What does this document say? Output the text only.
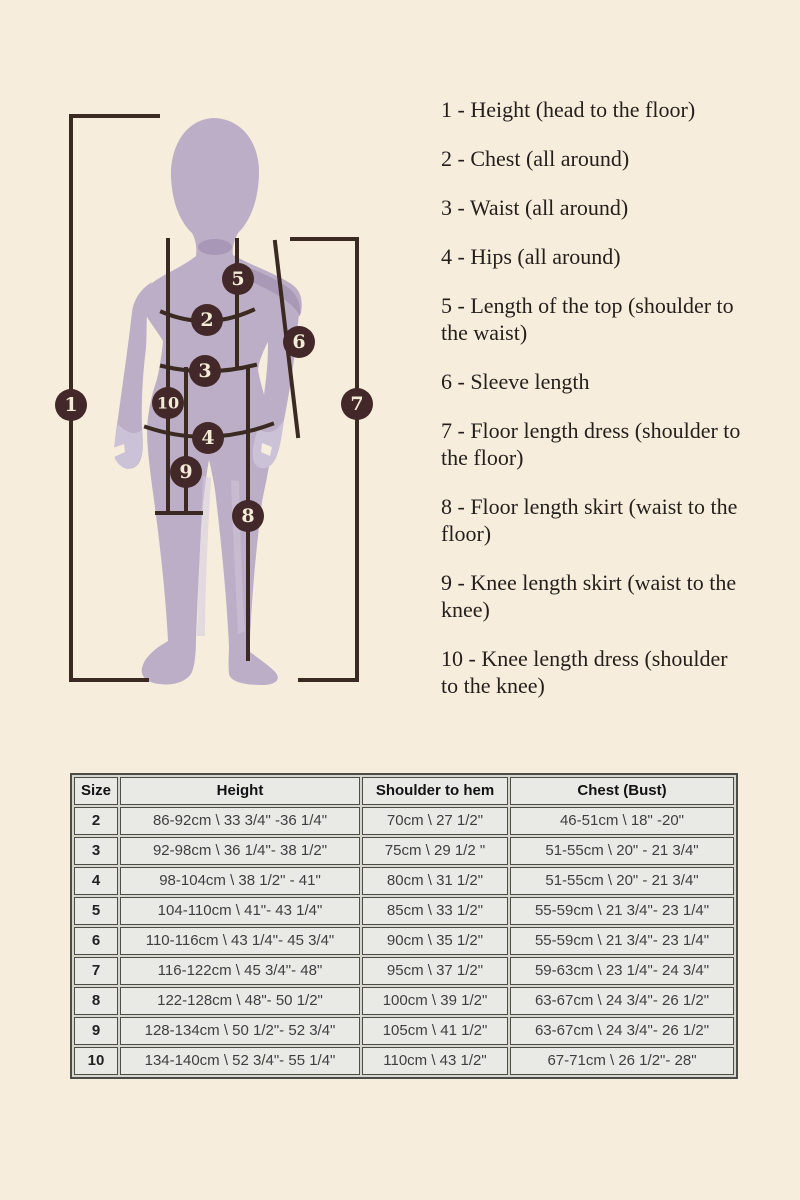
1
2
3
4
5
6
7
8
9
10

1 - Height (head to the floor)

2 - Chest (all around)

3 - Waist (all around)

4 - Hips (all around)

5 - Length of the top (shoulder to the waist)

6 - Sleeve length

7 - Floor length dress (shoulder to the floor)

8 - Floor length skirt (waist to the floor)

9 - Knee length skirt (waist to the knee)

10 - Knee length dress (shoulder to the knee)

Size	Height	Shoulder to hem	Chest (Bust)
2	86-92cm \ 33 3/4" -36 1/4"	70cm \ 27 1/2"	46-51cm \ 18" -20"
3	92-98cm \ 36 1/4"- 38 1/2"	75cm \ 29 1/2 "	51-55cm \ 20" - 21 3/4"
4	98-104cm \ 38 1/2" - 41"	80cm \ 31 1/2"	51-55cm \ 20" - 21 3/4"
5	104-110cm \ 41"- 43 1/4"	85cm \ 33 1/2"	55-59cm \ 21 3/4"- 23 1/4"
6	110-116cm \ 43 1/4"- 45 3/4"	90cm \ 35 1/2"	55-59cm \ 21 3/4"- 23 1/4"
7	116-122cm \ 45 3/4"- 48"	95cm \ 37 1/2"	59-63cm \ 23 1/4"- 24 3/4"
8	122-128cm \ 48"- 50 1/2"	100cm \ 39 1/2"	63-67cm \ 24 3/4"- 26 1/2"
9	128-134cm \ 50 1/2"- 52 3/4"	105cm \ 41 1/2"	63-67cm \ 24 3/4"- 26 1/2"
10	134-140cm \ 52 3/4"- 55 1/4"	110cm \ 43 1/2"	67-71cm \ 26 1/2"- 28"
